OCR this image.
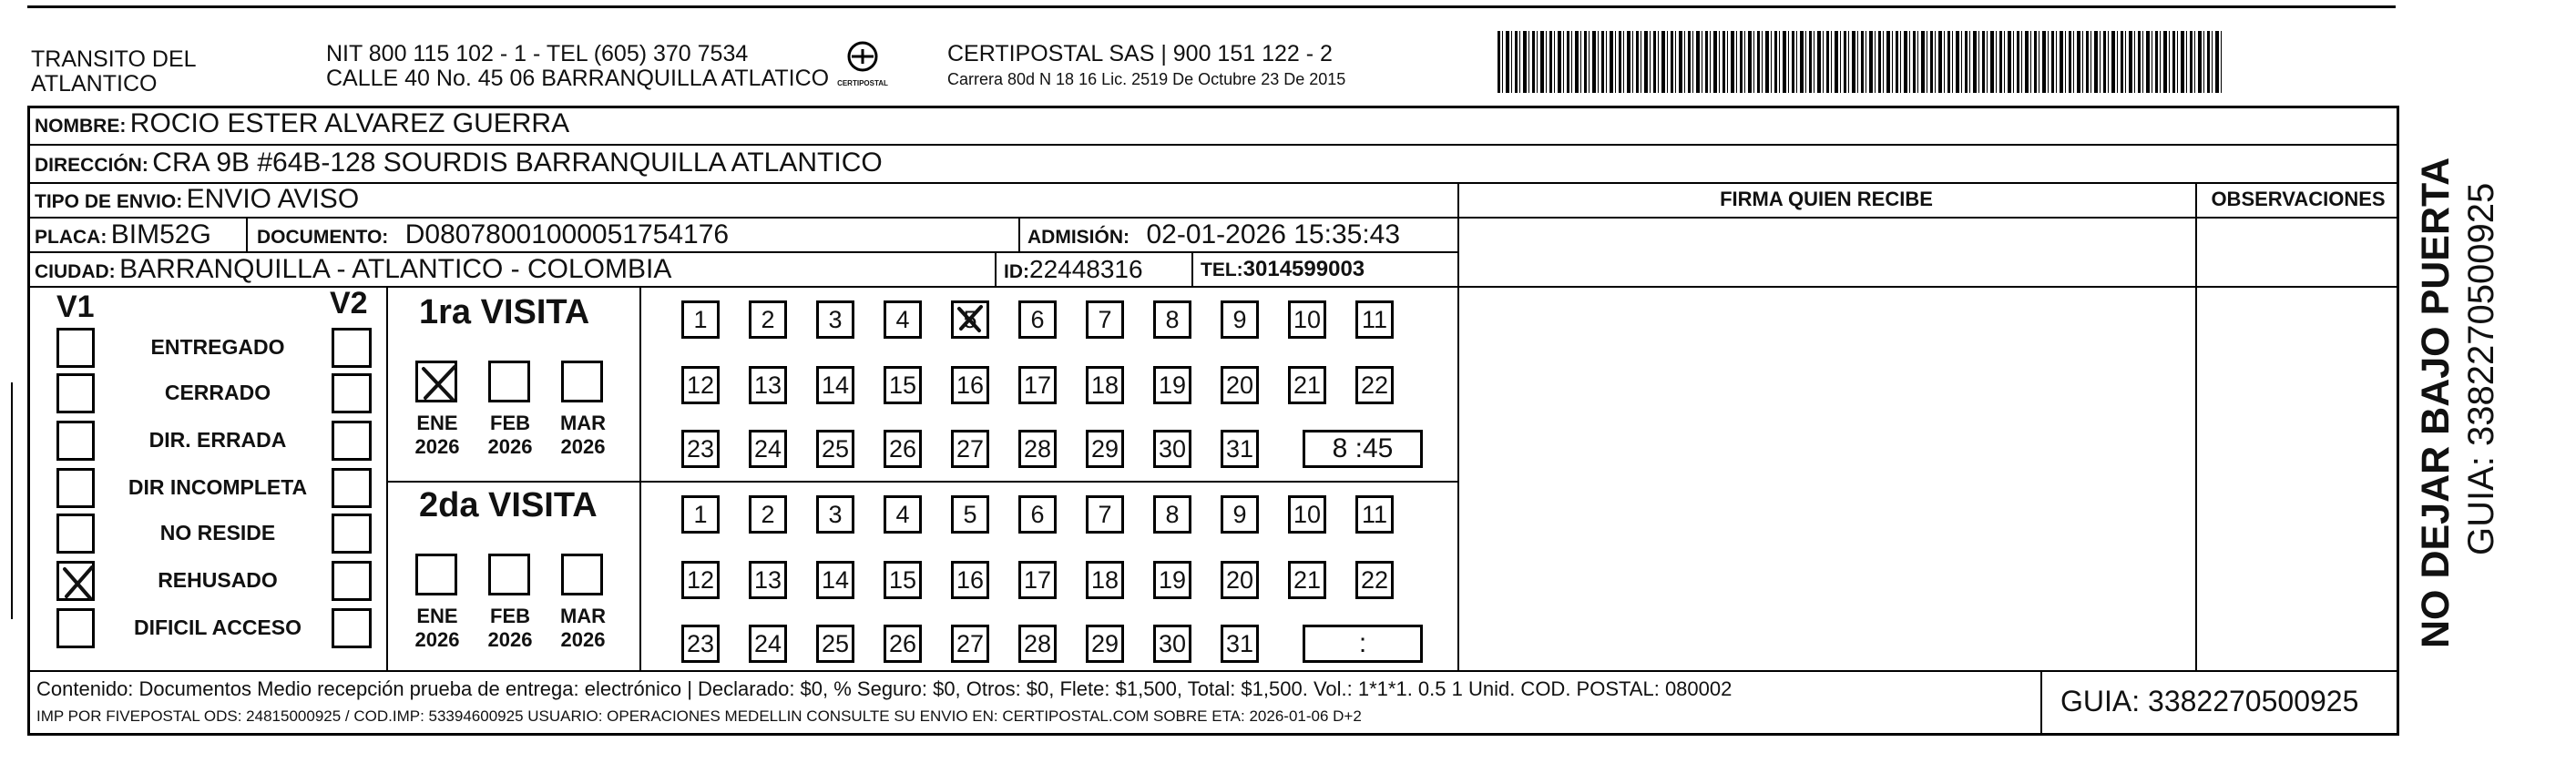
TRANSITO DEL
ATLANTICO
NIT 800 115 102 - 1 - TEL (605) 370 7534
CALLE 40 No. 45 06 BARRANQUILLA ATLATICO	CERTIPOSTAL
CERTIPOSTAL SAS | 900 151 122 - 2
Carrera 80d N 18 16 Lic. 2519 De Octubre 23 De 2015
NOMBRE: ROCIO ESTER ALVAREZ GUERRA
DIRECCIÓN: CRA 9B #64B-128 SOURDIS BARRANQUILLA ATLANTICO
TIPO DE ENVIO: ENVIO AVISO
PLACA: BIM52G DOCUMENTO: D08078001000051754176	ADMISIÓN: 02-01-2026 15:35:43
CIUDAD: BARRANQUILLA - ATLANTICO - COLOMBIA	ID:22448316	TEL:3014599003
FIRMA QUIEN RECIBE	OBSERVACIONES
V1	V2
ENTREGADO
CERRADO
DIR. ERRADA
DIR INCOMPLETA
NO RESIDE
REHUSADO
DIFICIL ACCESO
1ra VISITA
ENE
2026
FEB
2026
MAR
2026
1	2	3	4	5	6	7	8	9	10 11
12 13 14 15 16 17 18 19 20 21 22
23 24 25 26 27 28 29 30 31	8 :45
2da VISITA
ENE
2026
FEB
2026
MAR
2026
1	2	3	4	5	6	7	8	9	10 11
12 13 14 15 16 17 18 19 20 21 22
23 24 25 26 27 28 29 30 31	:
Contenido: Documentos Medio recepción prueba de entrega: electrónico | Declarado: $0, % Seguro: $0, Otros: $0, Flete: $1,500, Total: $1,500. Vol.: 1*1*1. 0.5 1 Unid. COD. POSTAL: 080002
IMP POR FIVEPOSTAL ODS: 24815000925 / COD.IMP: 53394600925 USUARIO: OPERACIONES MEDELLIN CONSULTE SU ENVIO EN: CERTIPOSTAL.COM SOBRE ETA: 2026-01-06 D+2	GUIA: 3382270500925
NO DEJAR BAJO PUERTA GUIA: 3382270500925
